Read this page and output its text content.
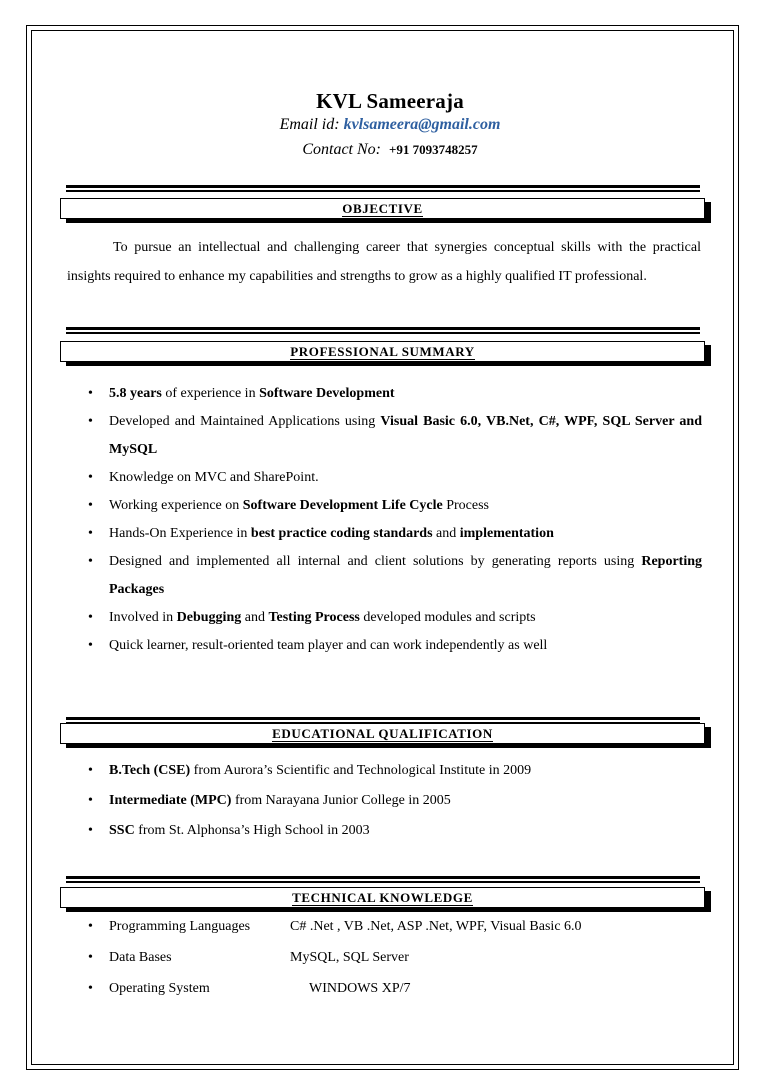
KVL Sameeraja
Email id: kvlsameera@gmail.com
Contact No: +91 7093748257
OBJECTIVE
To pursue an intellectual and challenging career that synergies conceptual skills with the practical insights required to enhance my capabilities and strengths to grow as a highly qualified IT professional.
PROFESSIONAL SUMMARY
• 5.8 years of experience in Software Development
• Developed and Maintained Applications using Visual Basic 6.0, VB.Net, C#, WPF, SQL Server and MySQL
• Knowledge on MVC and SharePoint.
• Working experience on Software Development Life Cycle Process
• Hands-On Experience in best practice coding standards and implementation
• Designed and implemented all internal and client solutions by generating reports using Reporting Packages
• Involved in Debugging and Testing Process developed modules and scripts
• Quick learner, result-oriented team player and can work independently as well
EDUCATIONAL QUALIFICATION
• B.Tech (CSE) from Aurora’s Scientific and Technological Institute in 2009
• Intermediate (MPC) from Narayana Junior College in 2005
• SSC from St. Alphonsa’s High School in 2003
TECHNICAL KNOWLEDGE
• Programming Languages	C# .Net , VB .Net, ASP .Net, WPF, Visual Basic 6.0
• Data Bases	MySQL, SQL Server
• Operating System	WINDOWS XP/7
